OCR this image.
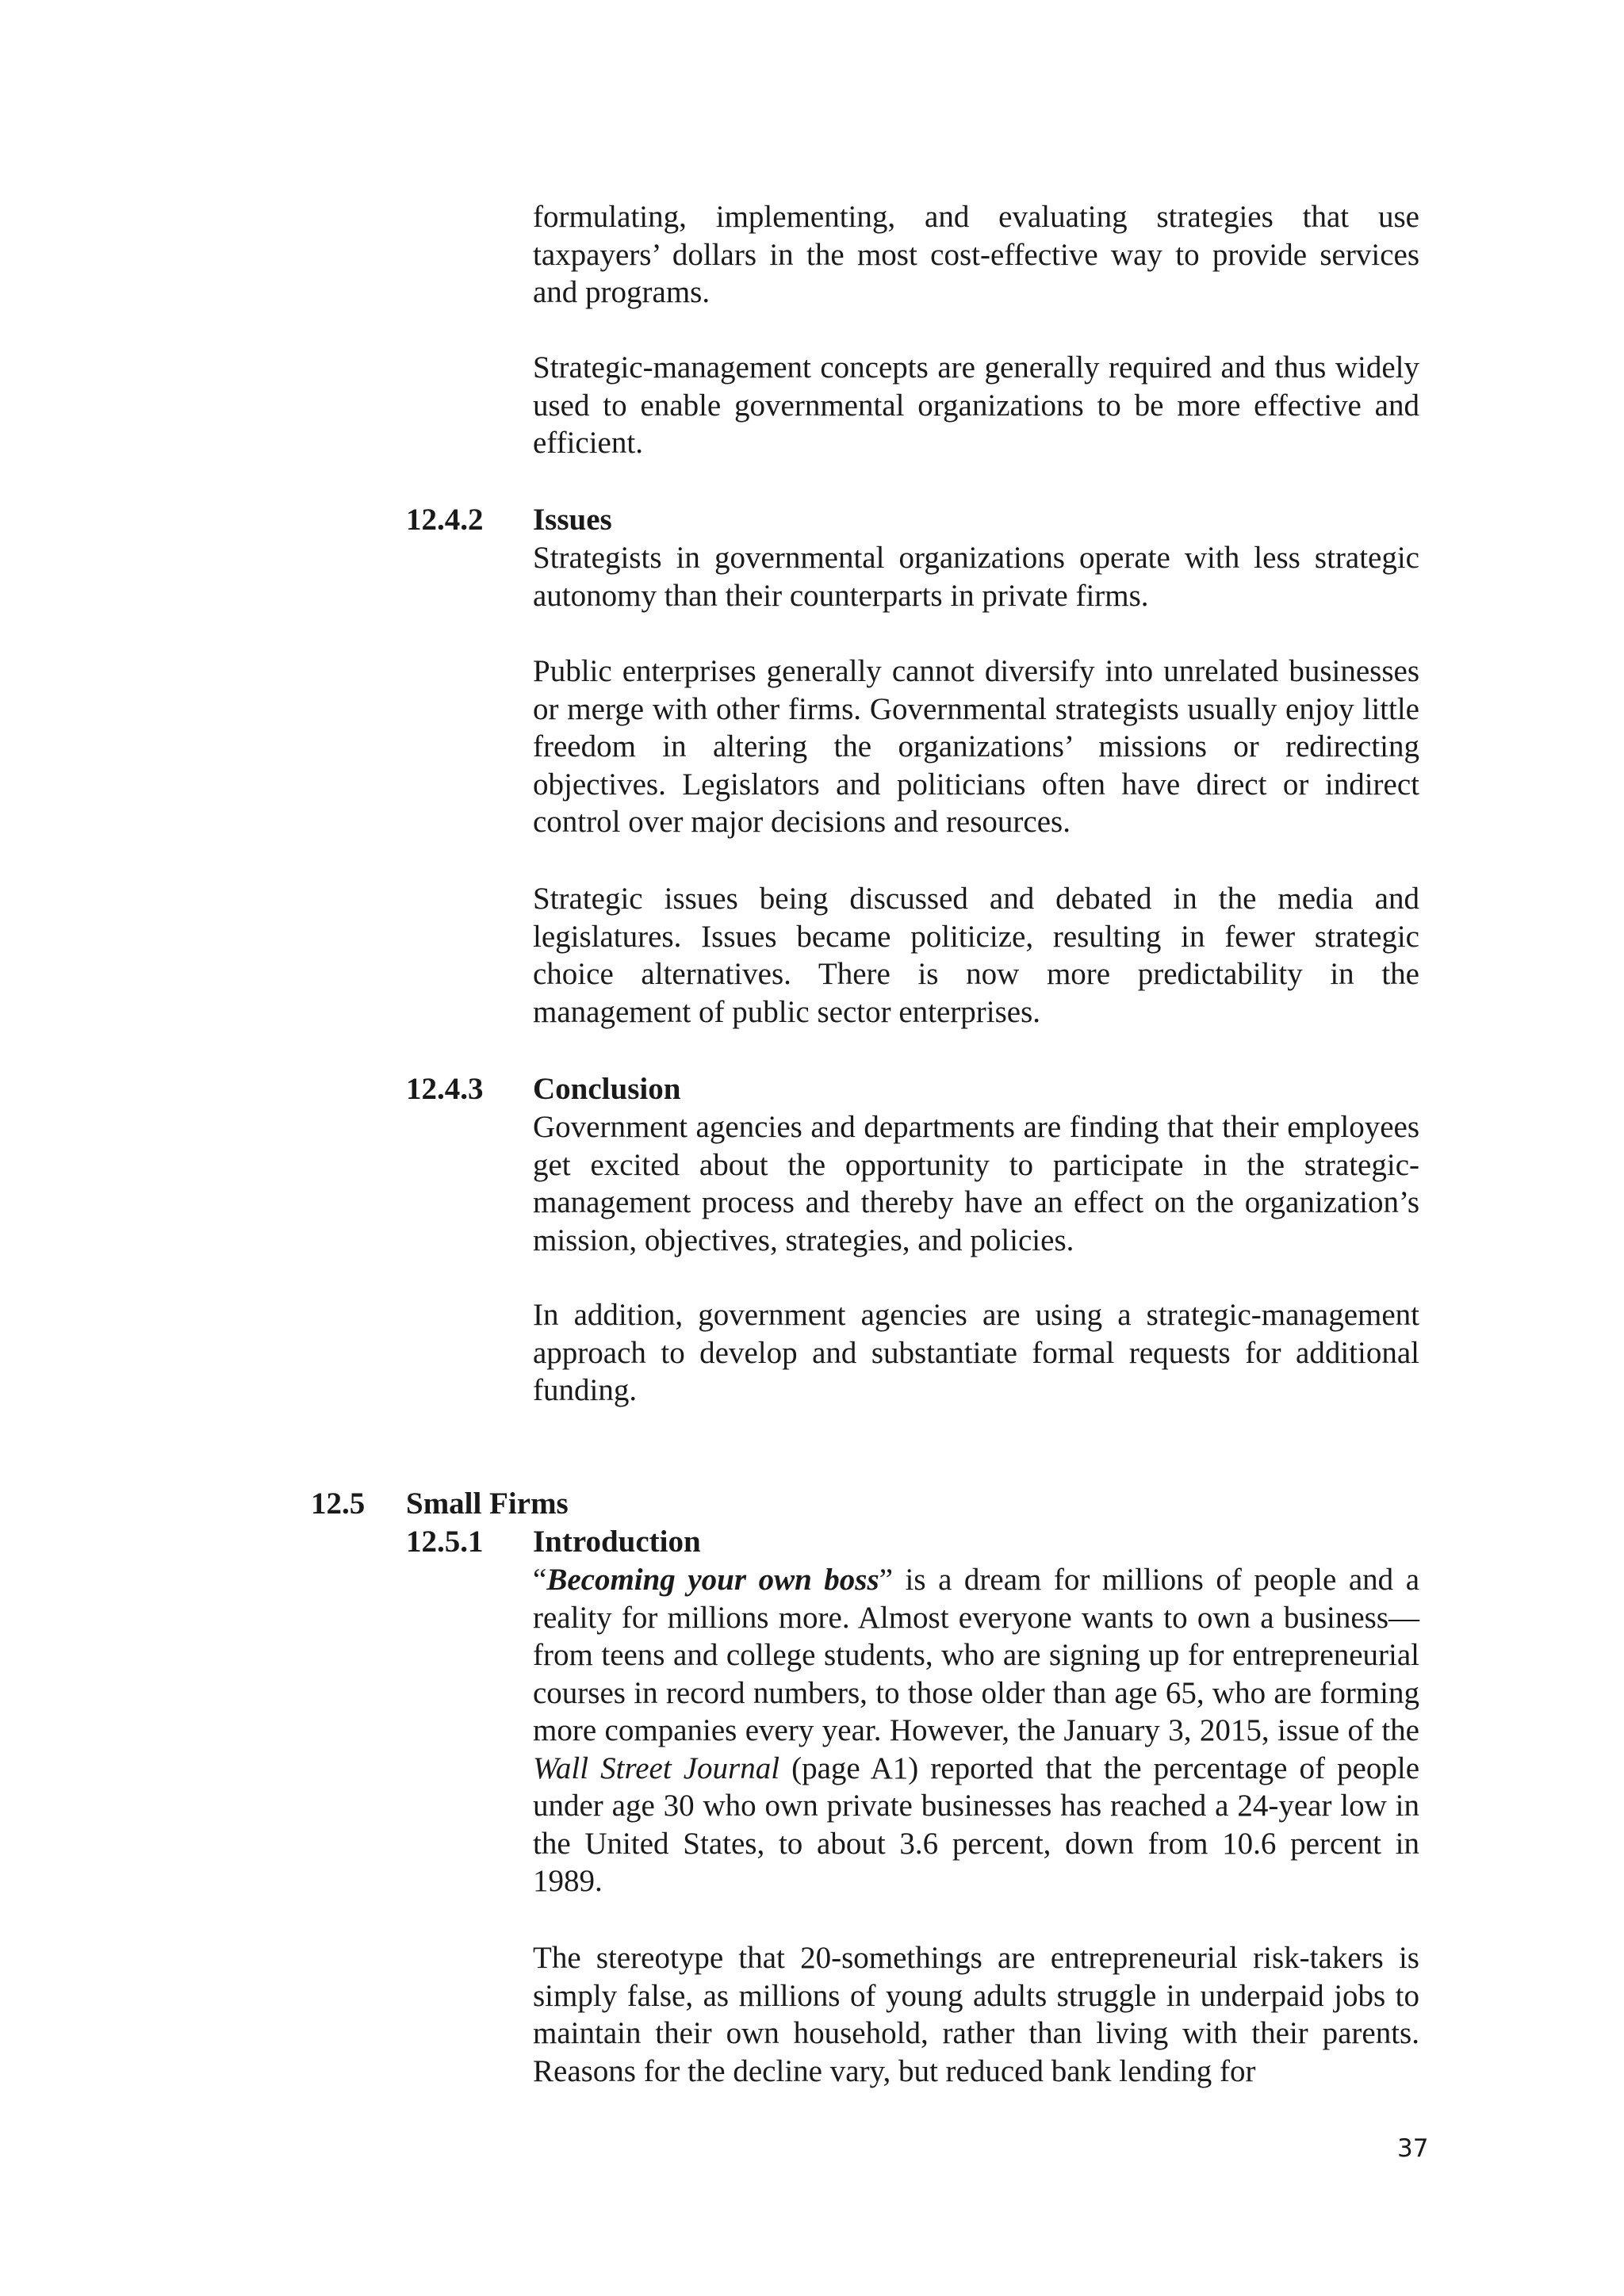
formulating, implementing, and evaluating strategies that use taxpayers’ dollars in the most cost-effective way to provide services and programs.

Strategic-management concepts are generally required and thus widely used to enable governmental organizations to be more effective and efficient.

12.4.2 Issues

Strategists in governmental organizations operate with less strategic autonomy than their counterparts in private firms.

Public enterprises generally cannot diversify into unrelated businesses or merge with other firms. Governmental strategists usually enjoy little freedom in altering the organizations’ missions or redirecting objectives. Legislators and politicians often have direct or indirect control over major decisions and resources.

Strategic issues being discussed and debated in the media and legislatures. Issues became politicize, resulting in fewer strategic choice alternatives. There is now more predictability in the management of public sector enterprises.

12.4.3 Conclusion

Government agencies and departments are finding that their employees get excited about the opportunity to participate in the strategic-management process and thereby have an effect on the organization’s mission, objectives, strategies, and policies.

In addition, government agencies are using a strategic-management approach to develop and substantiate formal requests for additional funding.

12.5 Small Firms
12.5.1 Introduction

“Becoming your own boss” is a dream for millions of people and a reality for millions more. Almost everyone wants to own a business—from teens and college students, who are signing up for entrepreneurial courses in record numbers, to those older than age 65, who are forming more companies every year. However, the January 3, 2015, issue of the Wall Street Journal (page A1) reported that the percentage of people under age 30 who own private businesses has reached a 24-year low in the United States, to about 3.6 percent, down from 10.6 percent in 1989.

The stereotype that 20-somethings are entrepreneurial risk-takers is simply false, as millions of young adults struggle in underpaid jobs to maintain their own household, rather than living with their parents. Reasons for the decline vary, but reduced bank lending for

37
